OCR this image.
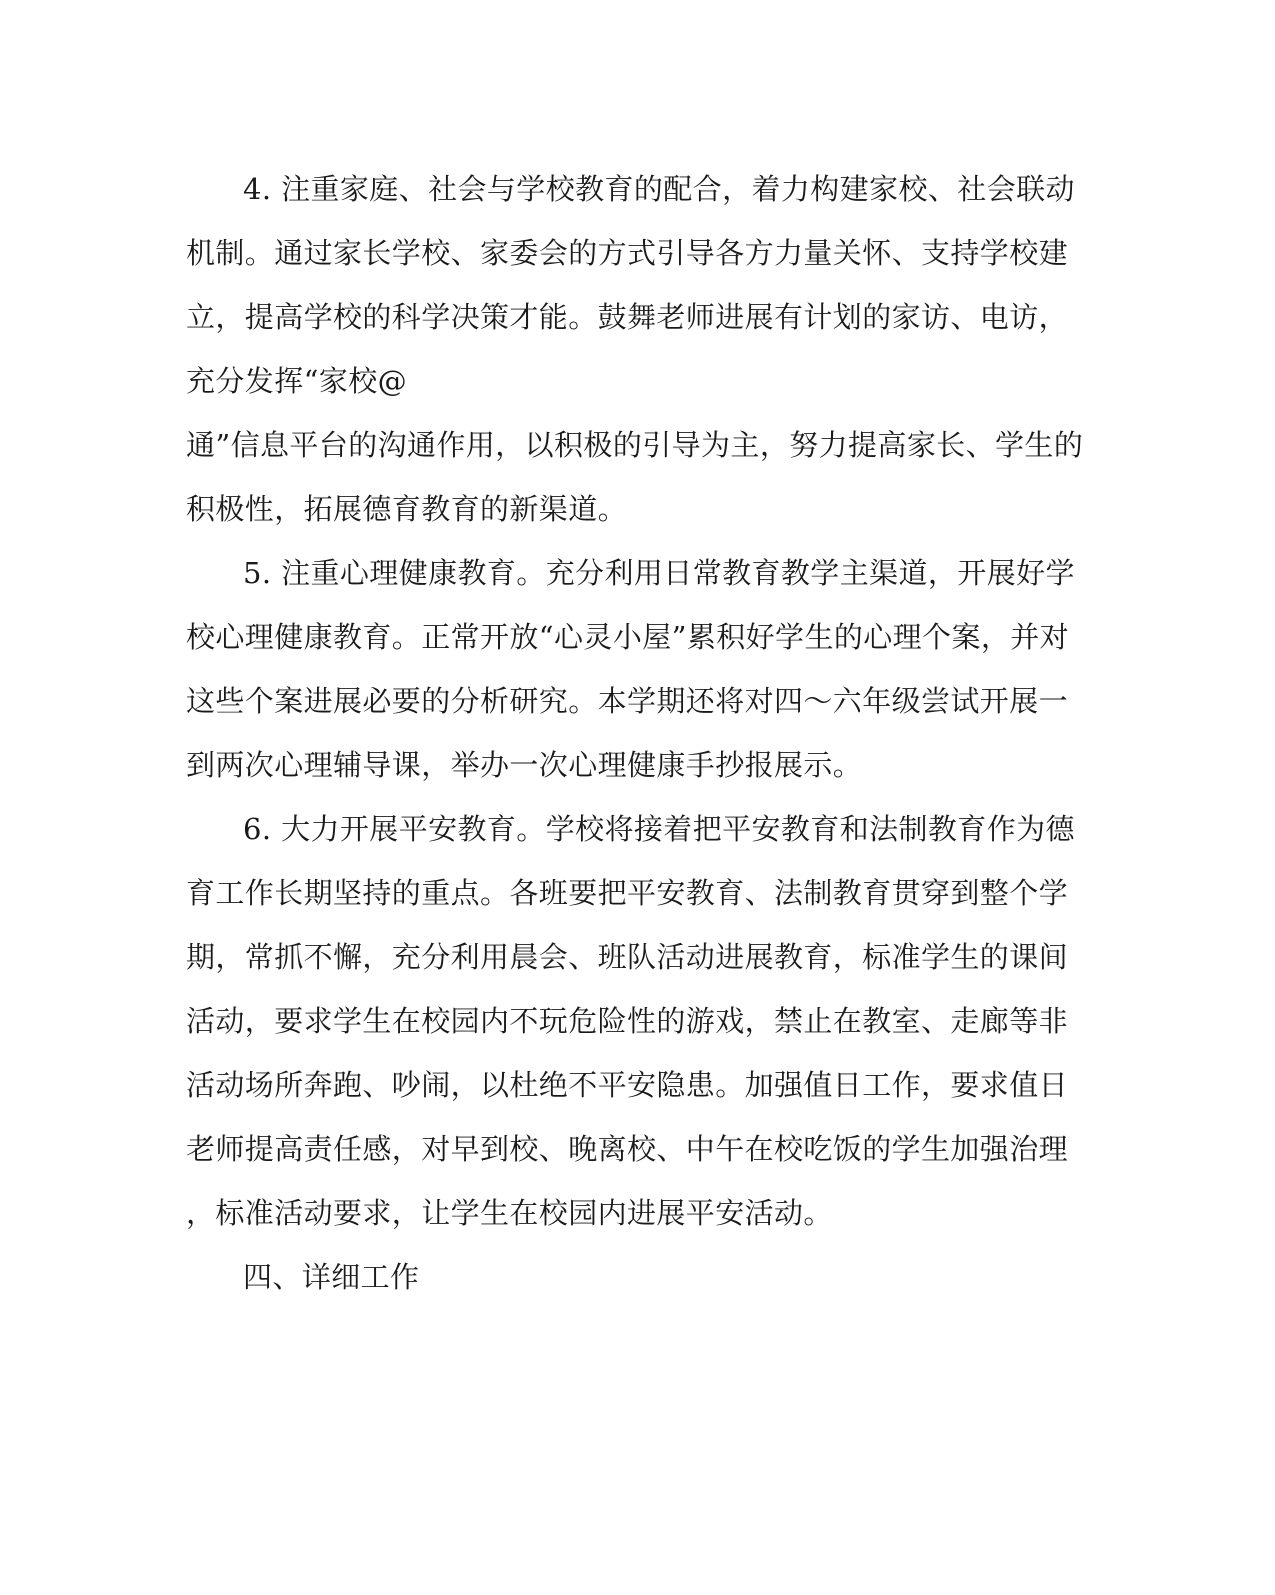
4. 注重家庭、社会与学校教育的配合，着力构建家校、社会联动
机制。通过家长学校、家委会的方式引导各方力量关怀、支持学校建
立，提高学校的科学决策才能。鼓舞老师进展有计划的家访、电访，
充分发挥“家校@
通”信息平台的沟通作用，以积极的引导为主，努力提高家长、学生的
积极性，拓展德育教育的新渠道。
5. 注重心理健康教育。充分利用日常教育教学主渠道，开展好学
校心理健康教育。正常开放“心灵小屋”累积好学生的心理个案，并对
这些个案进展必要的分析研究。本学期还将对四～六年级尝试开展一
到两次心理辅导课，举办一次心理健康手抄报展示。
6. 大力开展平安教育。学校将接着把平安教育和法制教育作为德
育工作长期坚持的重点。各班要把平安教育、法制教育贯穿到整个学
期，常抓不懈，充分利用晨会、班队活动进展教育，标准学生的课间
活动，要求学生在校园内不玩危险性的游戏，禁止在教室、走廊等非
活动场所奔跑、吵闹，以杜绝不平安隐患。加强值日工作，要求值日
老师提高责任感，对早到校、晚离校、中午在校吃饭的学生加强治理
，标准活动要求，让学生在校园内进展平安活动。
四、详细工作
